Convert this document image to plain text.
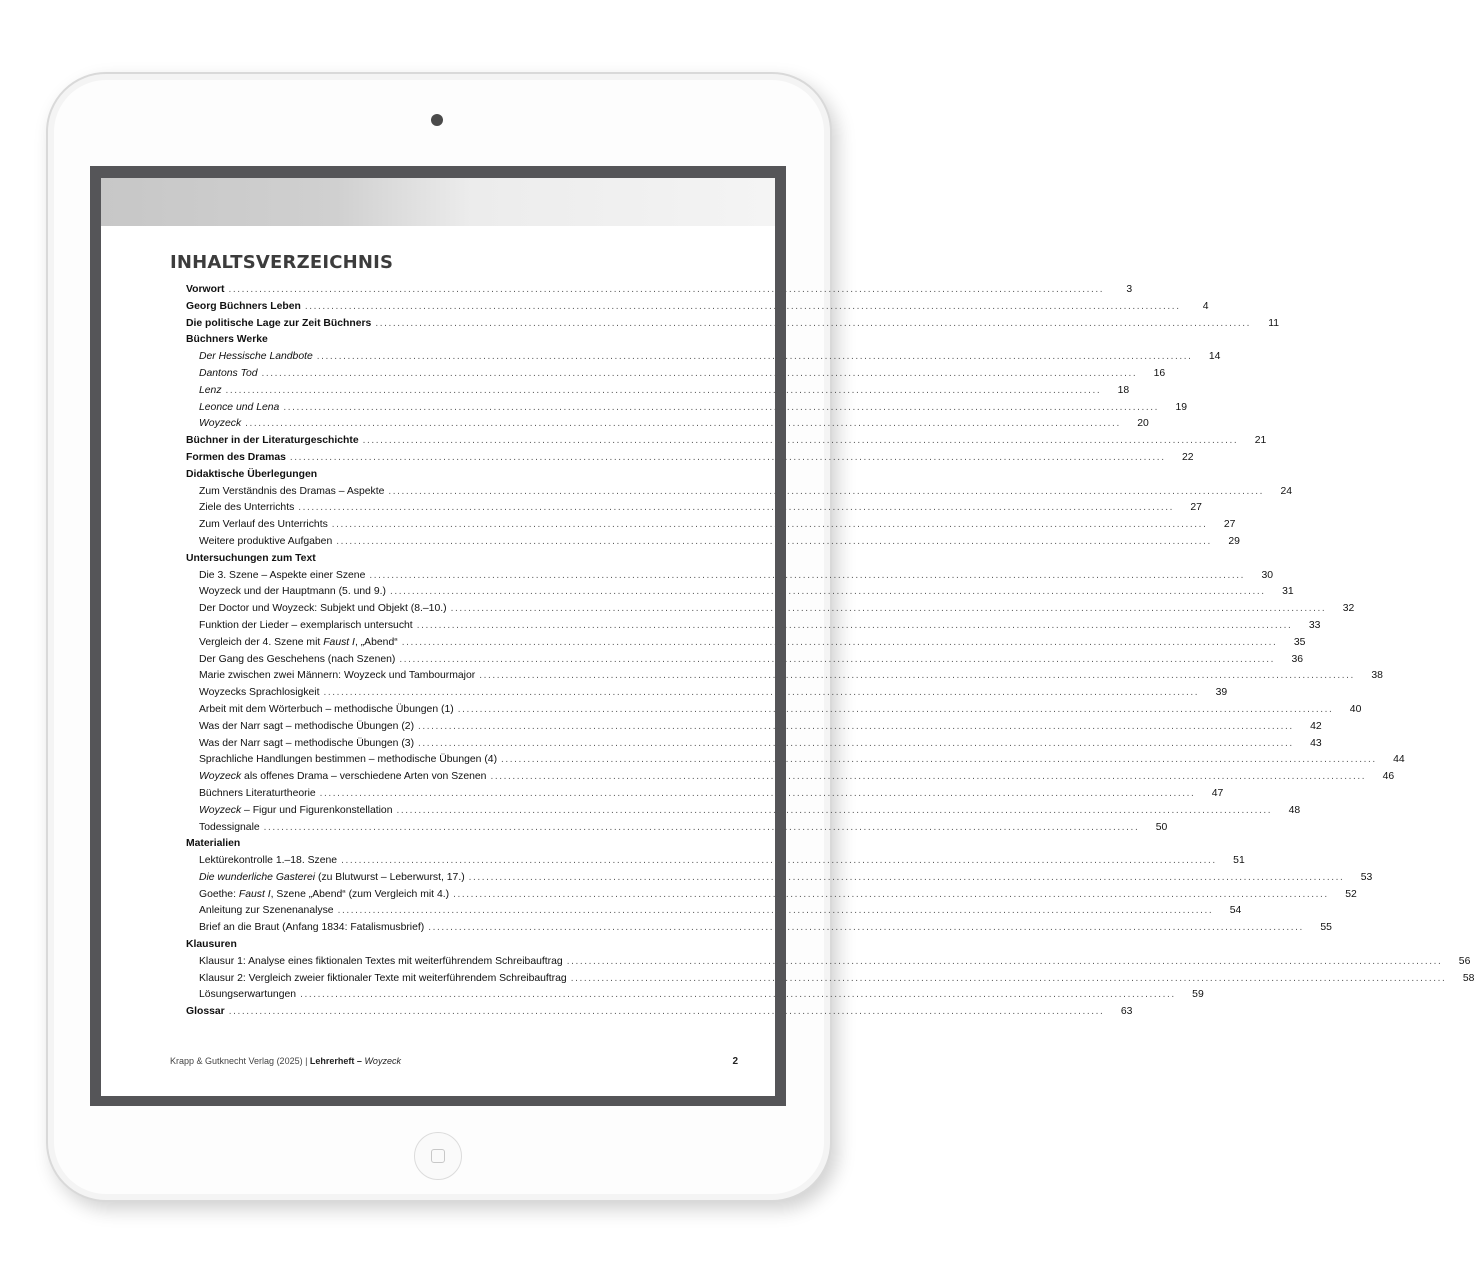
INHALTSVERZEICHNIS
Vorwort ........................................................................................................................................................................................................	3
Georg Büchners Leben ........................................................................................................................................................................................................	4
Die politische Lage zur Zeit Büchners ........................................................................................................................................................................................................	11
Büchners Werke
Der Hessische Landbote ........................................................................................................................................................................................................	14
Dantons Tod ........................................................................................................................................................................................................	16
Lenz ........................................................................................................................................................................................................	18
Leonce und Lena ........................................................................................................................................................................................................	19
Woyzeck ........................................................................................................................................................................................................	20
Büchner in der Literaturgeschichte ........................................................................................................................................................................................................	21
Formen des Dramas ........................................................................................................................................................................................................	22
Didaktische Überlegungen
Zum Verständnis des Dramas – Aspekte ........................................................................................................................................................................................................	24
Ziele des Unterrichts ........................................................................................................................................................................................................	27
Zum Verlauf des Unterrichts ........................................................................................................................................................................................................	27
Weitere produktive Aufgaben ........................................................................................................................................................................................................	29
Untersuchungen zum Text
Die 3. Szene – Aspekte einer Szene ........................................................................................................................................................................................................	30
Woyzeck und der Hauptmann (5. und 9.) ........................................................................................................................................................................................................	31
Der Doctor und Woyzeck: Subjekt und Objekt (8.–10.) ........................................................................................................................................................................................................	32
Funktion der Lieder – exemplarisch untersucht ........................................................................................................................................................................................................	33
Vergleich der 4. Szene mit Faust I, „Abend“ ........................................................................................................................................................................................................	35
Der Gang des Geschehens (nach Szenen) ........................................................................................................................................................................................................	36
Marie zwischen zwei Männern: Woyzeck und Tambourmajor ........................................................................................................................................................................................................	38
Woyzecks Sprachlosigkeit ........................................................................................................................................................................................................	39
Arbeit mit dem Wörterbuch – methodische Übungen (1) ........................................................................................................................................................................................................	40
Was der Narr sagt – methodische Übungen (2) ........................................................................................................................................................................................................	42
Was der Narr sagt – methodische Übungen (3) ........................................................................................................................................................................................................	43
Sprachliche Handlungen bestimmen – methodische Übungen (4) ........................................................................................................................................................................................................	44
Woyzeck als offenes Drama – verschiedene Arten von Szenen ........................................................................................................................................................................................................	46
Büchners Literaturtheorie ........................................................................................................................................................................................................	47
Woyzeck – Figur und Figurenkonstellation ........................................................................................................................................................................................................	48
Todessignale ........................................................................................................................................................................................................	50
Materialien
Lektürekontrolle 1.–18. Szene ........................................................................................................................................................................................................	51
Die wunderliche Gasterei (zu Blutwurst – Leberwurst, 17.) ........................................................................................................................................................................................................	53
Goethe: Faust I, Szene „Abend“ (zum Vergleich mit 4.) ........................................................................................................................................................................................................	52
Anleitung zur Szenenanalyse ........................................................................................................................................................................................................	54
Brief an die Braut (Anfang 1834: Fatalismusbrief) ........................................................................................................................................................................................................	55
Klausuren
Klausur 1: Analyse eines fiktionalen Textes mit weiterführendem Schreibauftrag ........................................................................................................................................................................................................	56
Klausur 2: Vergleich zweier fiktionaler Texte mit weiterführendem Schreibauftrag ........................................................................................................................................................................................................	58
Lösungserwartungen ........................................................................................................................................................................................................	59
Glossar ........................................................................................................................................................................................................	63
Krapp & Gutknecht Verlag (2025) | Lehrerheft – Woyzeck	2
